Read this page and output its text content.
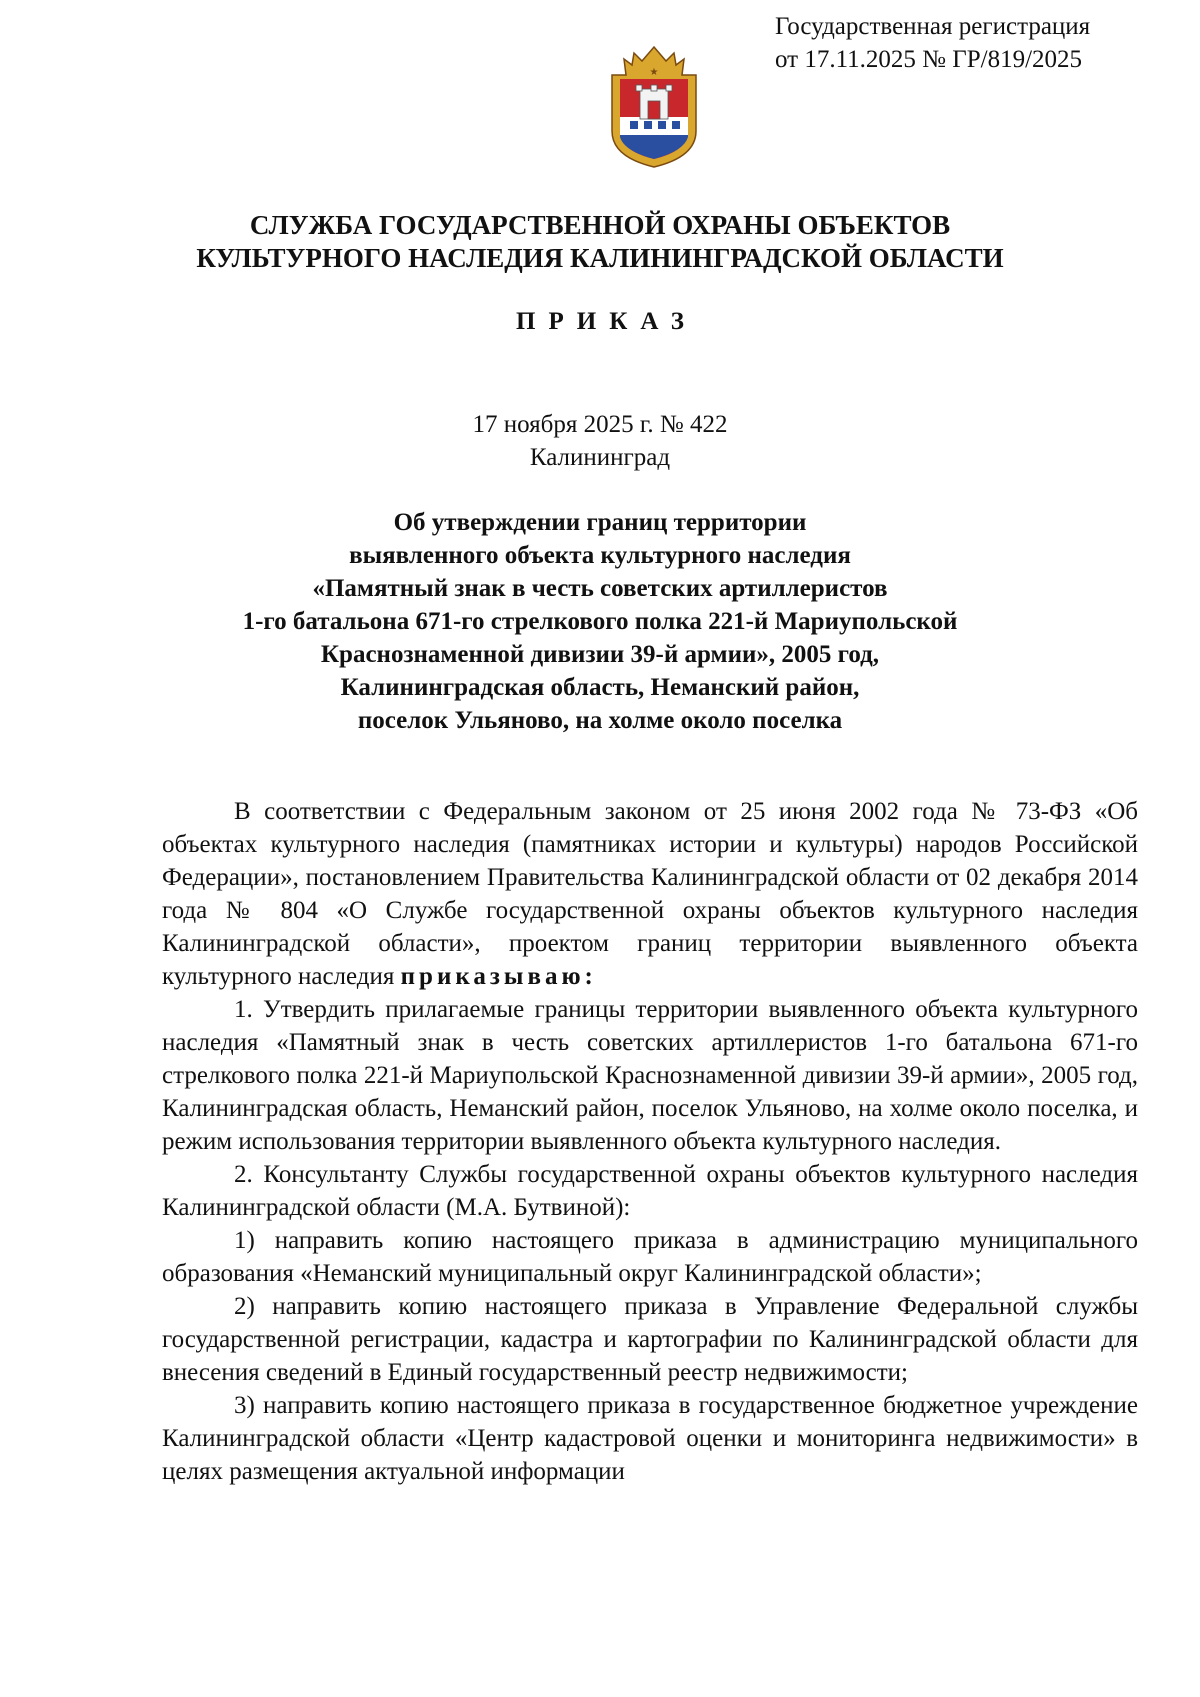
Государственная регистрация
от 17.11.2025 № ГР/819/2025
★
СЛУЖБА ГОСУДАРСТВЕННОЙ ОХРАНЫ ОБЪЕКТОВ
КУЛЬТУРНОГО НАСЛЕДИЯ КАЛИНИНГРАДСКОЙ ОБЛАСТИ
ПРИКАЗ
17 ноября 2025 г. № 422
Калининград
Об утверждении границ территории
выявленного объекта культурного наследия
«Памятный знак в честь советских артиллеристов
1-го батальона 671-го стрелкового полка 221-й Мариупольской
Краснознаменной дивизии 39-й армии», 2005 год,
Калининградская область, Неманский район,
поселок Ульяново, на холме около поселка

В соответствии с Федеральным законом от 25 июня 2002 года № 73-ФЗ «Об объектах культурного наследия (памятниках истории и культуры) народов Российской Федерации», постановлением Правительства Калининградской области от 02 декабря 2014 года № 804 «О Службе государственной охраны объектов культурного наследия Калининградской области», проектом границ территории выявленного объекта культурного наследия приказываю:

1. Утвердить прилагаемые границы территории выявленного объекта культурного наследия «Памятный знак в честь советских артиллеристов 1-го батальона 671-го стрелкового полка 221-й Мариупольской Краснознаменной дивизии 39-й армии», 2005 год, Калининградская область, Неманский район, поселок Ульяново, на холме около поселка, и режим использования территории выявленного объекта культурного наследия.

2. Консультанту Службы государственной охраны объектов культурного наследия Калининградской области (М.А. Бутвиной):

1) направить копию настоящего приказа в администрацию муниципального образования «Неманский муниципальный округ Калининградской области»;

2) направить копию настоящего приказа в Управление Федеральной службы государственной регистрации, кадастра и картографии по Калининградской области для внесения сведений в Единый государственный реестр недвижимости;

3) направить копию настоящего приказа в государственное бюджетное учреждение Калининградской области «Центр кадастровой оценки и мониторинга недвижимости» в целях размещения актуальной информации
